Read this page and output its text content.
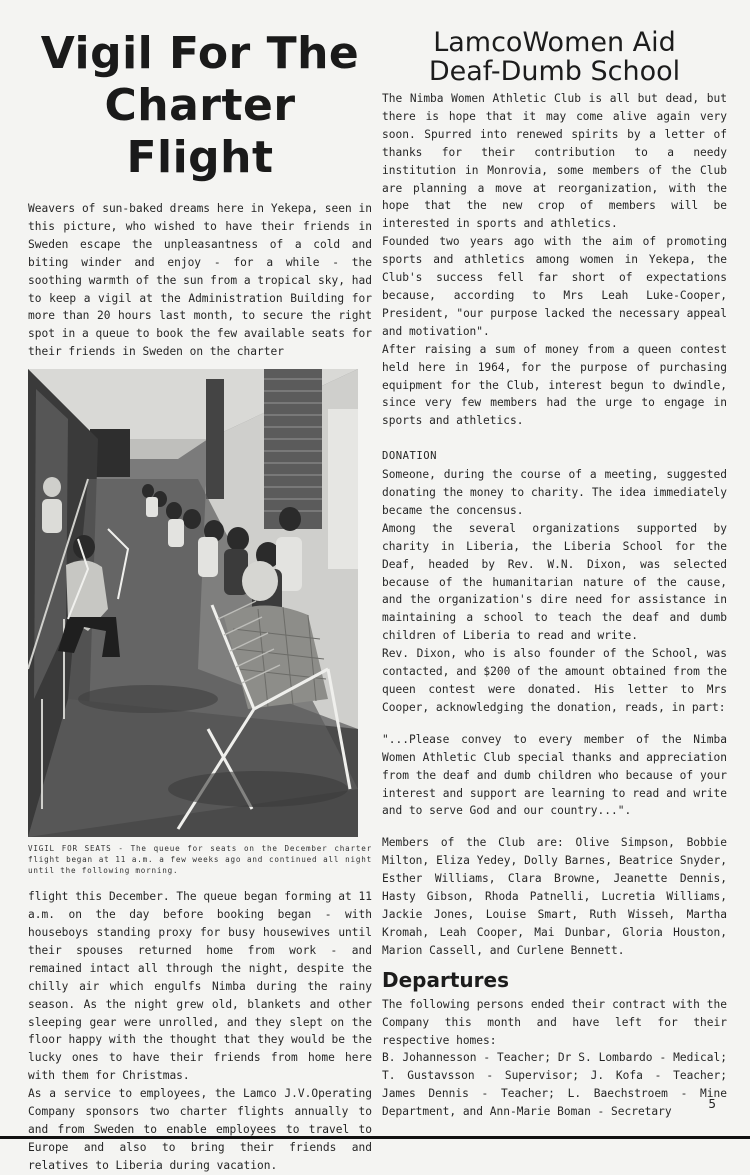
Vigil For The
Charter Flight

Weavers of sun-baked dreams here in Yekepa, seen in this picture, who wished to have their friends in Sweden escape the unpleasantness of a cold and biting winder and enjoy - for a while - the soothing warmth of the sun from a tropical sky, had to keep a vigil at the Administration Building for more than 20 hours last month, to secure the right spot in a queue to book the few available seats for their friends in Sweden on the charter

VIGIL FOR SEATS - The queue for seats on the December charter flight began at 11 a.m. a few weeks ago and continued all night until the following morning.

flight this December. The queue began forming at 11 a.m. on the day before booking began - with houseboys standing proxy for busy housewives until their spouses returned home from work - and remained intact all through the night, despite the chilly air which engulfs Nimba during the rainy season. As the night grew old, blankets and other sleeping gear were unrolled, and they slept on the floor happy with the thought that they would be the lucky ones to have their friends from home here with them for Christmas.

As a service to employees, the Lamco J.V.Operating Company sponsors two charter flights annually to and from Sweden to enable employees to travel to Europe and also to bring their friends and relatives to Liberia during vacation.

LamcoWomen Aid
Deaf-Dumb School

The Nimba Women Athletic Club is all but dead, but there is hope that it may come alive again very soon. Spurred into renewed spirits by a letter of thanks for their contribution to a needy institution in Monrovia, some members of the Club are planning a move at reorganization, with the hope that the new crop of members will be interested in sports and athletics.

Founded two years ago with the aim of promoting sports and athletics among women in Yekepa, the Club's success fell far short of expectations because, according to Mrs Leah Luke-Cooper, President, "our purpose lacked the necessary appeal and motivation".

After raising a sum of money from a queen contest held here in 1964, for the purpose of purchasing equipment for the Club, interest begun to dwindle, since very few members had the urge to engage in sports and athletics.

DONATION

Someone, during the course of a meeting, suggested donating the money to charity. The idea immediately became the concensus.

Among the several organizations supported by charity in Liberia, the Liberia School for the Deaf, headed by Rev. W.N. Dixon, was selected because of the humanitarian nature of the cause, and the organization's dire need for assistance in maintaining a school to teach the deaf and dumb children of Liberia to read and write.

Rev. Dixon, who is also founder of the School, was contacted, and $200 of the amount obtained from the queen contest were donated. His letter to Mrs Cooper, acknowledging the donation, reads, in part:

"...Please convey to every member of the Nimba Women Athletic Club special thanks and appreciation from the deaf and dumb children who because of your interest and support are learning to read and write and to serve God and our country...".

Members of the Club are: Olive Simpson, Bobbie Milton, Eliza Yedey, Dolly Barnes, Beatrice Snyder, Esther Williams, Clara Browne, Jeanette Dennis, Hasty Gibson, Rhoda Patnelli, Lucretia Williams, Jackie Jones, Louise Smart, Ruth Wisseh, Martha Kromah, Leah Cooper, Mai Dunbar, Gloria Houston, Marion Cassell, and Curlene Bennett.

Departures

The following persons ended their contract with the Company this month and have left for their respective homes:

B. Johannesson - Teacher; Dr S. Lombardo - Medical; T. Gustavsson - Supervisor; J. Kofa - Teacher; James Dennis - Teacher; L. Baechstroem - Mine Department, and Ann-Marie Boman - Secretary

5
